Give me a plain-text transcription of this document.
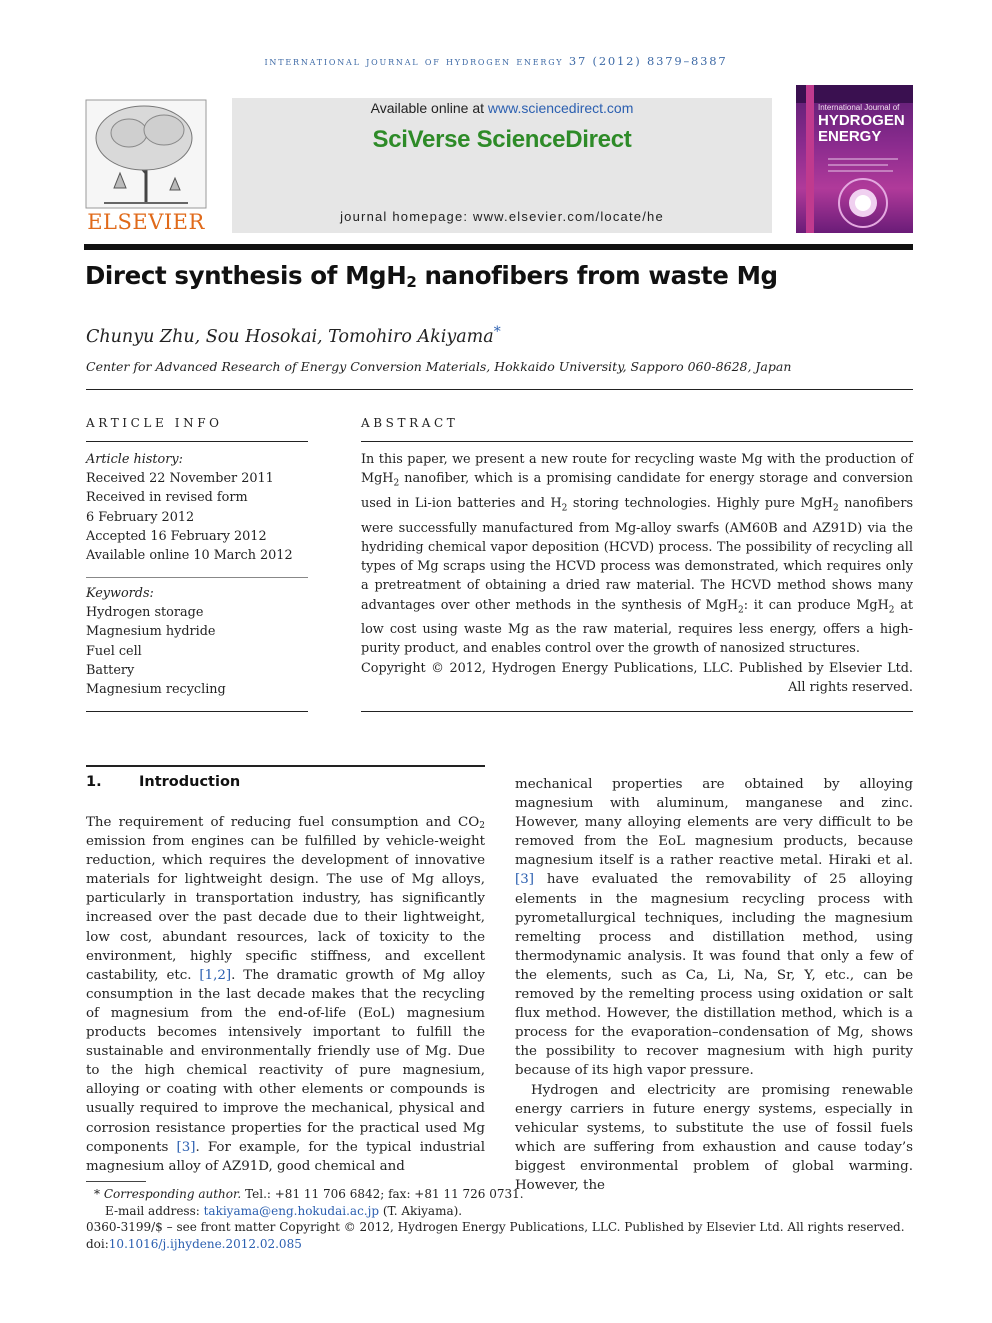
international journal of hydrogen energy 37 (2012) 8379–8387
ELSEVIER
Available online at www.sciencedirect.com
SciVerse ScienceDirect
journal homepage: www.elsevier.com/locate/he
International Journal of
HYDROGEN
ENERGY
Direct synthesis of MgH$_2$ nanofibers from waste Mg
Chunyu Zhu, Sou Hosokai, Tomohiro Akiyama*
Center for Advanced Research of Energy Conversion Materials, Hokkaido University, Sapporo 060-8628, Japan
ARTICLE INFO
Article history:
Received 22 November 2011
Received in revised form
6 February 2012
Accepted 16 February 2012
Available online 10 March 2012
Keywords:
Hydrogen storage
Magnesium hydride
Fuel cell
Battery
Magnesium recycling
ABSTRACT

In this paper, we present a new route for recycling waste Mg with the production of MgH$_2$ nanofiber, which is a promising candidate for energy storage and conversion used in Li-ion batteries and $H_2$ storing technologies. Highly pure MgH$_2$ nanofibers were successfully manufactured from Mg-alloy swarfs (AM60B and AZ91D) via the hydriding chemical vapor deposition (HCVD) process. The possibility of recycling all types of Mg scraps using the HCVD process was demonstrated, which requires only a pretreatment of obtaining a dried raw material. The HCVD method shows many advantages over other methods in the synthesis of MgH$_2$: it can produce MgH$_2$ at low cost using waste Mg as the raw material, requires less energy, offers a high-purity product, and enables control over the growth of nanosized structures.

Copyright © 2012, Hydrogen Energy Publications, LLC. Published by Elsevier Ltd. All rights reserved.

1.	Introduction

The requirement of reducing fuel consumption and $CO_2$ emission from engines can be fulfilled by vehicle-weight reduction, which requires the development of innovative materials for lightweight design. The use of Mg alloys, particularly in transportation industry, has significantly increased over the past decade due to their lightweight, low cost, abundant resources, lack of toxicity to the environment, highly specific stiffness, and excellent castability, etc. [1,2]. The dramatic growth of Mg alloy consumption in the last decade makes that the recycling of magnesium from the end-of-life (EoL) magnesium products becomes intensively important to fulfill the sustainable and environmentally friendly use of Mg. Due to the high chemical reactivity of pure magnesium, alloying or coating with other elements or compounds is usually required to improve the mechanical, physical and corrosion resistance properties for the practical used Mg components [3]. For example, for the typical industrial magnesium alloy of AZ91D, good chemical and

mechanical properties are obtained by alloying magnesium with aluminum, manganese and zinc. However, many alloying elements are very difficult to be removed from the EoL magnesium products, because magnesium itself is a rather reactive metal. Hiraki et al. [3] have evaluated the removability of 25 alloying elements in the magnesium recycling process with pyrometallurgical techniques, including the magnesium remelting process and distillation method, using thermodynamic analysis. It was found that only a few of the elements, such as Ca, Li, Na, Sr, Y, etc., can be removed by the remelting process using oxidation or salt flux method. However, the distillation method, which is a process for the evaporation–condensation of Mg, shows the possibility to recover magnesium with high purity because of its high vapor pressure.

Hydrogen and electricity are promising renewable energy carriers in future energy systems, especially in vehicular systems, to substitute the use of fossil fuels which are suffering from exhaustion and cause today’s biggest environmental problem of global warming. However, the

* Corresponding author. Tel.: +81 11 706 6842; fax: +81 11 726 0731.
E-mail address: takiyama@eng.hokudai.ac.jp (T. Akiyama).
0360-3199/$ – see front matter Copyright © 2012, Hydrogen Energy Publications, LLC. Published by Elsevier Ltd. All rights reserved.
doi:10.1016/j.ijhydene.2012.02.085
